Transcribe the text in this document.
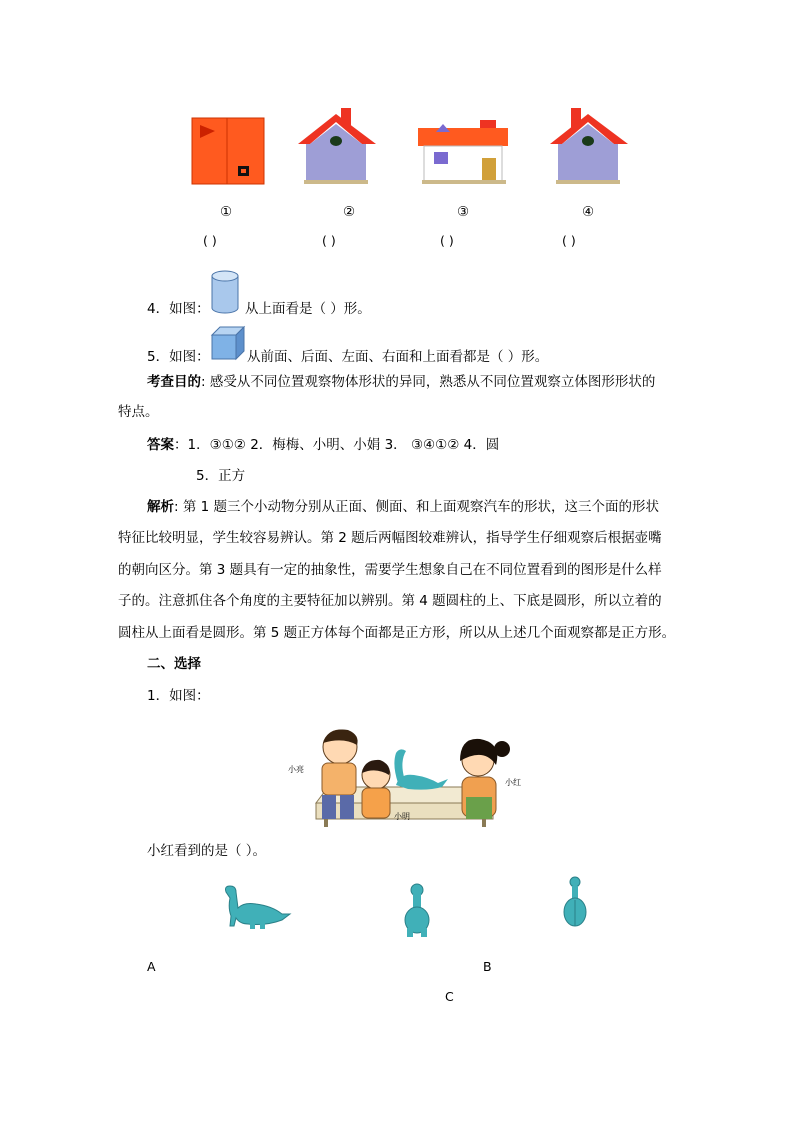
①	②	③	④
( )	( )	( )	( )
4．如图：	从上面看是（ ）形。
5．如图：	从前面、后面、左面、右面和上面看都是（ ）形。
考查目的: 感受从不同位置观察物体形状的异同，熟悉从不同位置观察立体图形形状的
特点。
答案：1．③①② 2．梅梅、小明、小娟 3． ③④①② 4．圆
5．正方
解析: 第 1 题三个小动物分别从正面、侧面、和上面观察汽车的形状，这三个面的形状
特征比较明显，学生较容易辨认。第 2 题后两幅图较难辨认，指导学生仔细观察后根据壶嘴
的朝向区分。第 3 题具有一定的抽象性，需要学生想象自己在不同位置看到的图形是什么样
子的。注意抓住各个角度的主要特征加以辨别。第 4 题圆柱的上、下底是圆形，所以立着的
圆柱从上面看是圆形。第 5 题正方体每个面都是正方形，所以从上述几个面观察都是正方形。
二、选择
1．如图：
小亮
小明
小红
小红看到的是（ ）。
A	B
C
